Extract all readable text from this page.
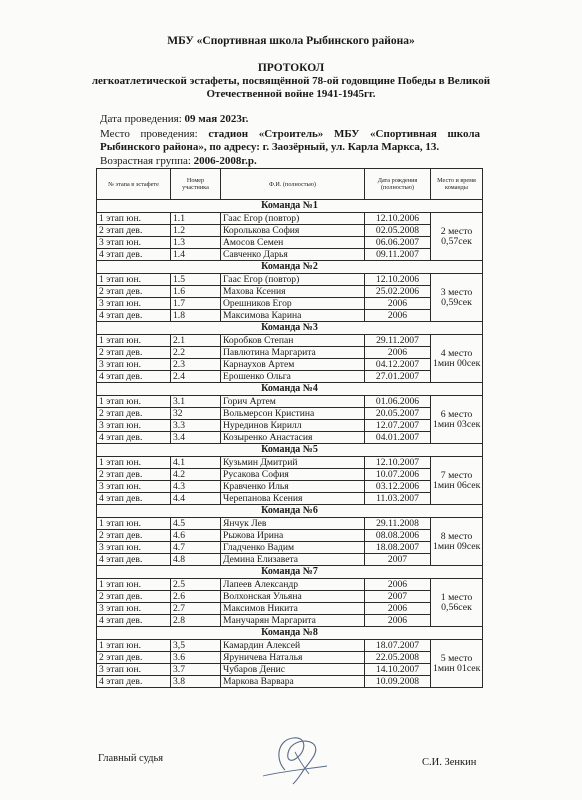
МБУ «Спортивная школа Рыбинского района»
ПРОТОКОЛ
легкоатлетической эстафеты, посвящённой 78-ой годовщине Победы в Великой Отечественной войне 1941-1945гг.
Дата проведения: 09 мая 2023г.
Место проведения: стадион «Строитель» МБУ «Спортивная школа Рыбинского района», по адресу: г. Заозёрный, ул. Карла Маркса, 13.
Возрастная группа: 2006-2008г.р.
№ этапа в эстафете	Номер участника	Ф.И. (полностью)	Дата рождения (полностью)	Место и время команды
Команда №1				
1 этап юн.	1.1	Гаас Егор (повтор)	12.10.2006	2 место
0,57сек

2 этап дев.	1.2	Королькова София	02.05.2008	
3 этап юн.	1.3	Амосов Семен	06.06.2007	
4 этап дев.	1.4	Савченко Дарья	09.11.2007	
Команда №2				
1 этап юн.	1.5	Гаас Егор (повтор)	12.10.2006	3 место
0,59сек

2 этап дев.	1.6	Махова Ксения	25.02.2006	
3 этап юн.	1.7	Орешников Егор	2006	
4 этап дев.	1.8	Максимова Карина	2006	
Команда №3				
1 этап юн.	2.1	Коробков Степан	29.11.2007	4 место
1мин 00сек

2 этап дев.	2.2	Павлютина Маргарита	2006	
3 этап юн.	2.3	Карнаухов Артем	04.12.2007	
4 этап дев.	2.4	Ерошенко Ольга	27.01.2007	
Команда №4				
1 этап юн.	3.1	Горич Артем	01.06.2006	6 место
1мин 03сек

2 этап дев.	32	Вольмерсон Кристина	20.05.2007	
3 этап юн.	3.3	Нурединов Кирилл	12.07.2007	
4 этап дев.	3.4	Козыренко Анастасия	04.01.2007	
Команда №5				
1 этап юн.	4.1	Кузьмин Дмитрий	12.10.2007	7 место
1мин 06сек

2 этап дев.	4.2	Русакова София	10.07.2006	
3 этап юн.	4.3	Кравченко Илья	03.12.2006	
4 этап дев.	4.4	Черепанова Ксения	11.03.2007	
Команда №6				
1 этап юн.	4.5	Янчук Лев	29.11.2008	8 место
1мин 09сек

2 этап дев.	4.6	Рыжова Ирина	08.08.2006	
3 этап юн.	4.7	Гладченко Вадим	18.08.2007	
4 этап дев.	4.8	Демина Елизавета	2007	
Команда №7				
1 этап юн.	2.5	Лапеев Александр	2006	1 место
0,56сек

2 этап дев.	2.6	Волхонская Ульяна	2007	
3 этап юн.	2.7	Максимов Никита	2006	
4 этап дев.	2.8	Манучарян Маргарита	2006	
Команда №8				
1 этап юн.	3,5	Камардин Алексей	18.07.2007	5 место
1мин 01сек

2 этап дев.	3.6	Яруничева Наталья	22.05.2008	
3 этап юн.	3.7	Чубаров Денис	14.10.2007	
4 этап дев.	3.8	Маркова Варвара	10.09.2008	
Главный судья	С.И. Зенкин
